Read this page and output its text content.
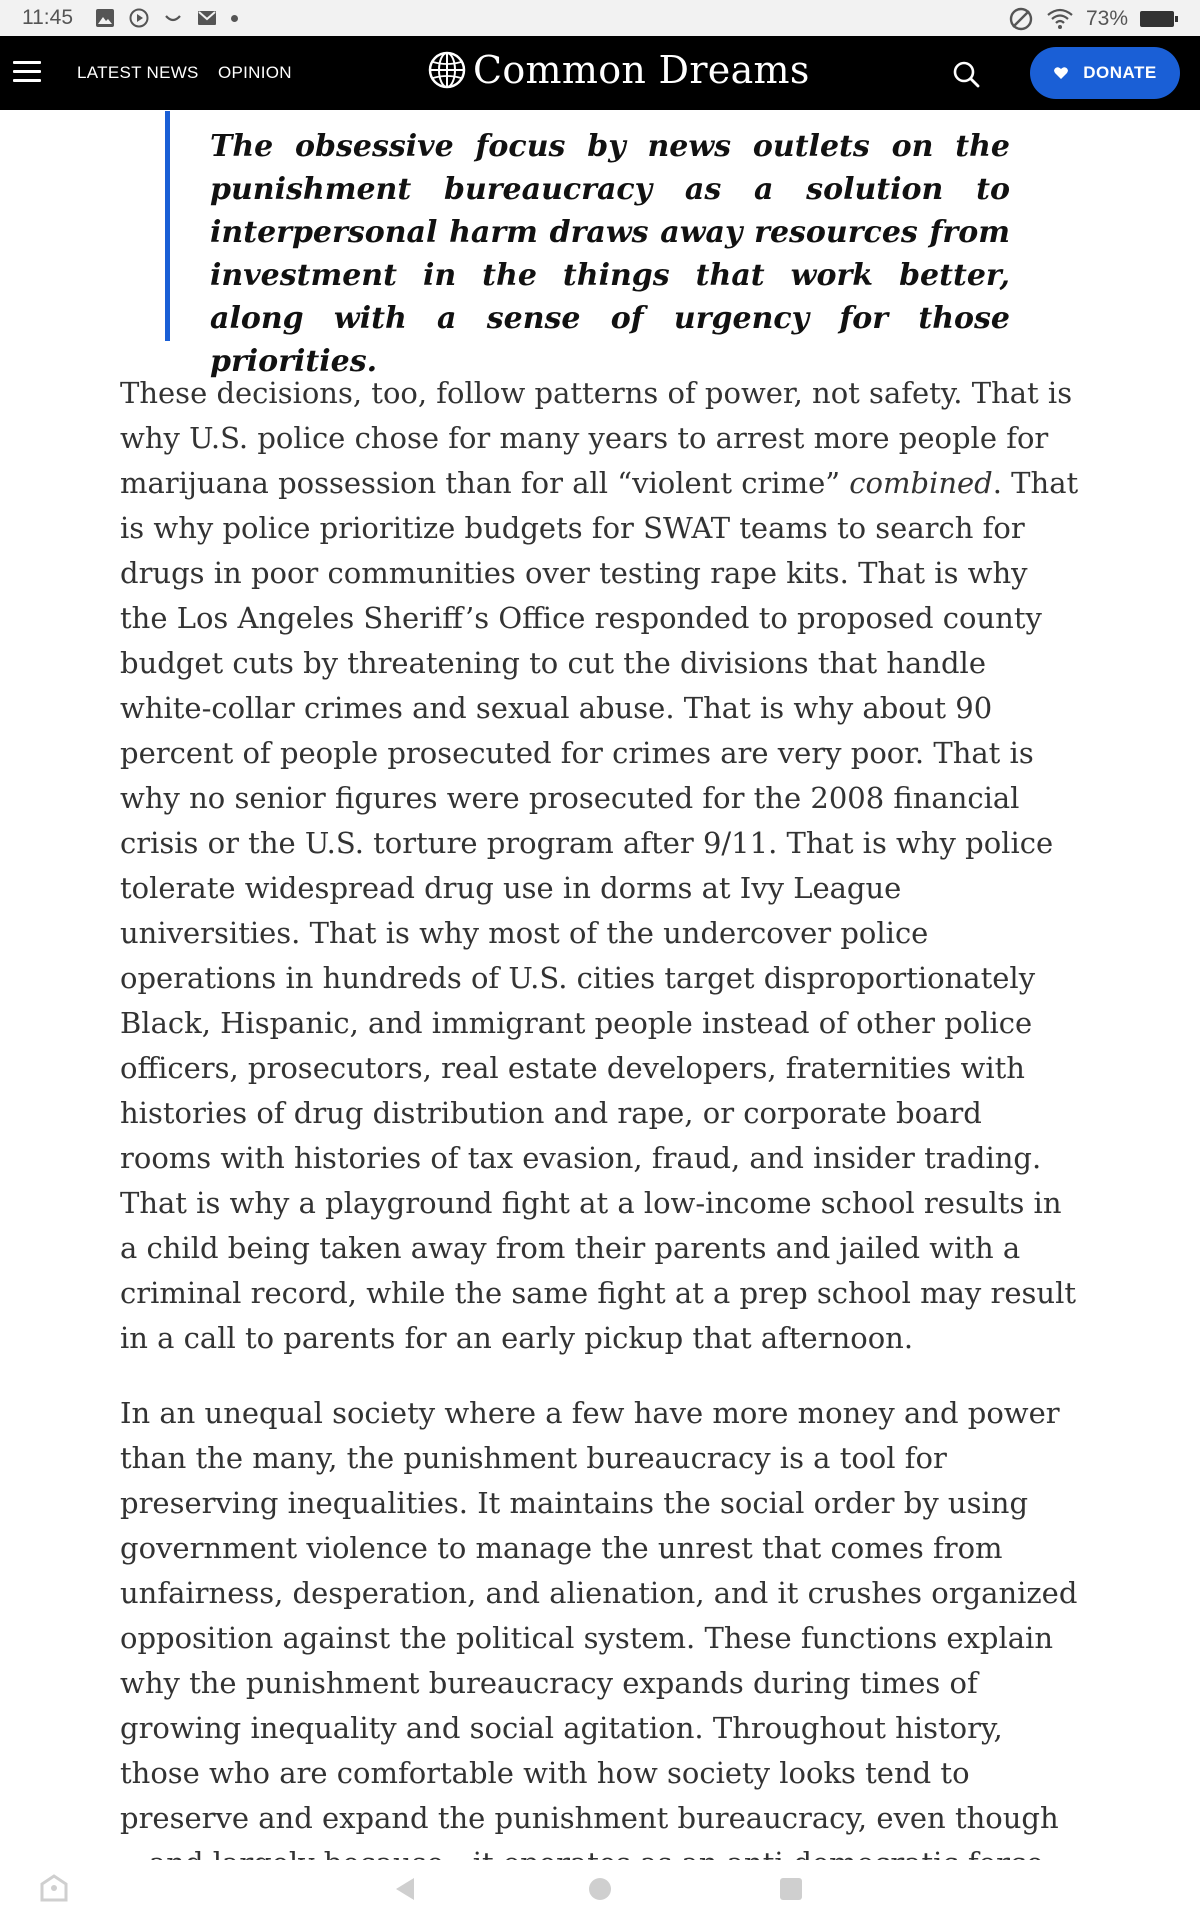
11:45	73%
LATEST NEWS OPINION	Common Dreams	DONATE

The obsessive focus by news outlets on the punishment bureaucracy as a solution to interpersonal harm draws away resources from investment in the things that work better, along with a sense of urgency for those priorities.

These decisions, too, follow patterns of power, not safety. That is why U.S. police chose for many years to arrest more people for marijuana possession than for all “violent crime” combined. That is why police prioritize budgets for SWAT teams to search for drugs in poor communities over testing rape kits. That is why the Los Angeles Sheriff’s Office responded to proposed county budget cuts by threatening to cut the divisions that handle white-collar crimes and sexual abuse. That is why about 90 percent of people prosecuted for crimes are very poor. That is why no senior figures were prosecuted for the 2008 financial crisis or the U.S. torture program after 9/11. That is why police tolerate widespread drug use in dorms at Ivy League universities. That is why most of the undercover police operations in hundreds of U.S. cities target disproportionately Black, Hispanic, and immigrant people instead of other police officers, prosecutors, real estate developers, fraternities with histories of drug distribution and rape, or corporate board rooms with histories of tax evasion, fraud, and insider trading. That is why a playground fight at a low-income school results in a child being taken away from their parents and jailed with a criminal record, while the same fight at a prep school may result in a call to parents for an early pickup that afternoon.

In an unequal society where a few have more money and power than the many, the punishment bureaucracy is a tool for preserving inequalities. It maintains the social order by using government violence to manage the unrest that comes from unfairness, desperation, and alienation, and it crushes organized opposition against the political system. These functions explain why the punishment bureaucracy expands during times of growing inequality and social agitation. Throughout history, those who are comfortable with how society looks tend to preserve and expand the punishment bureaucracy, even though
